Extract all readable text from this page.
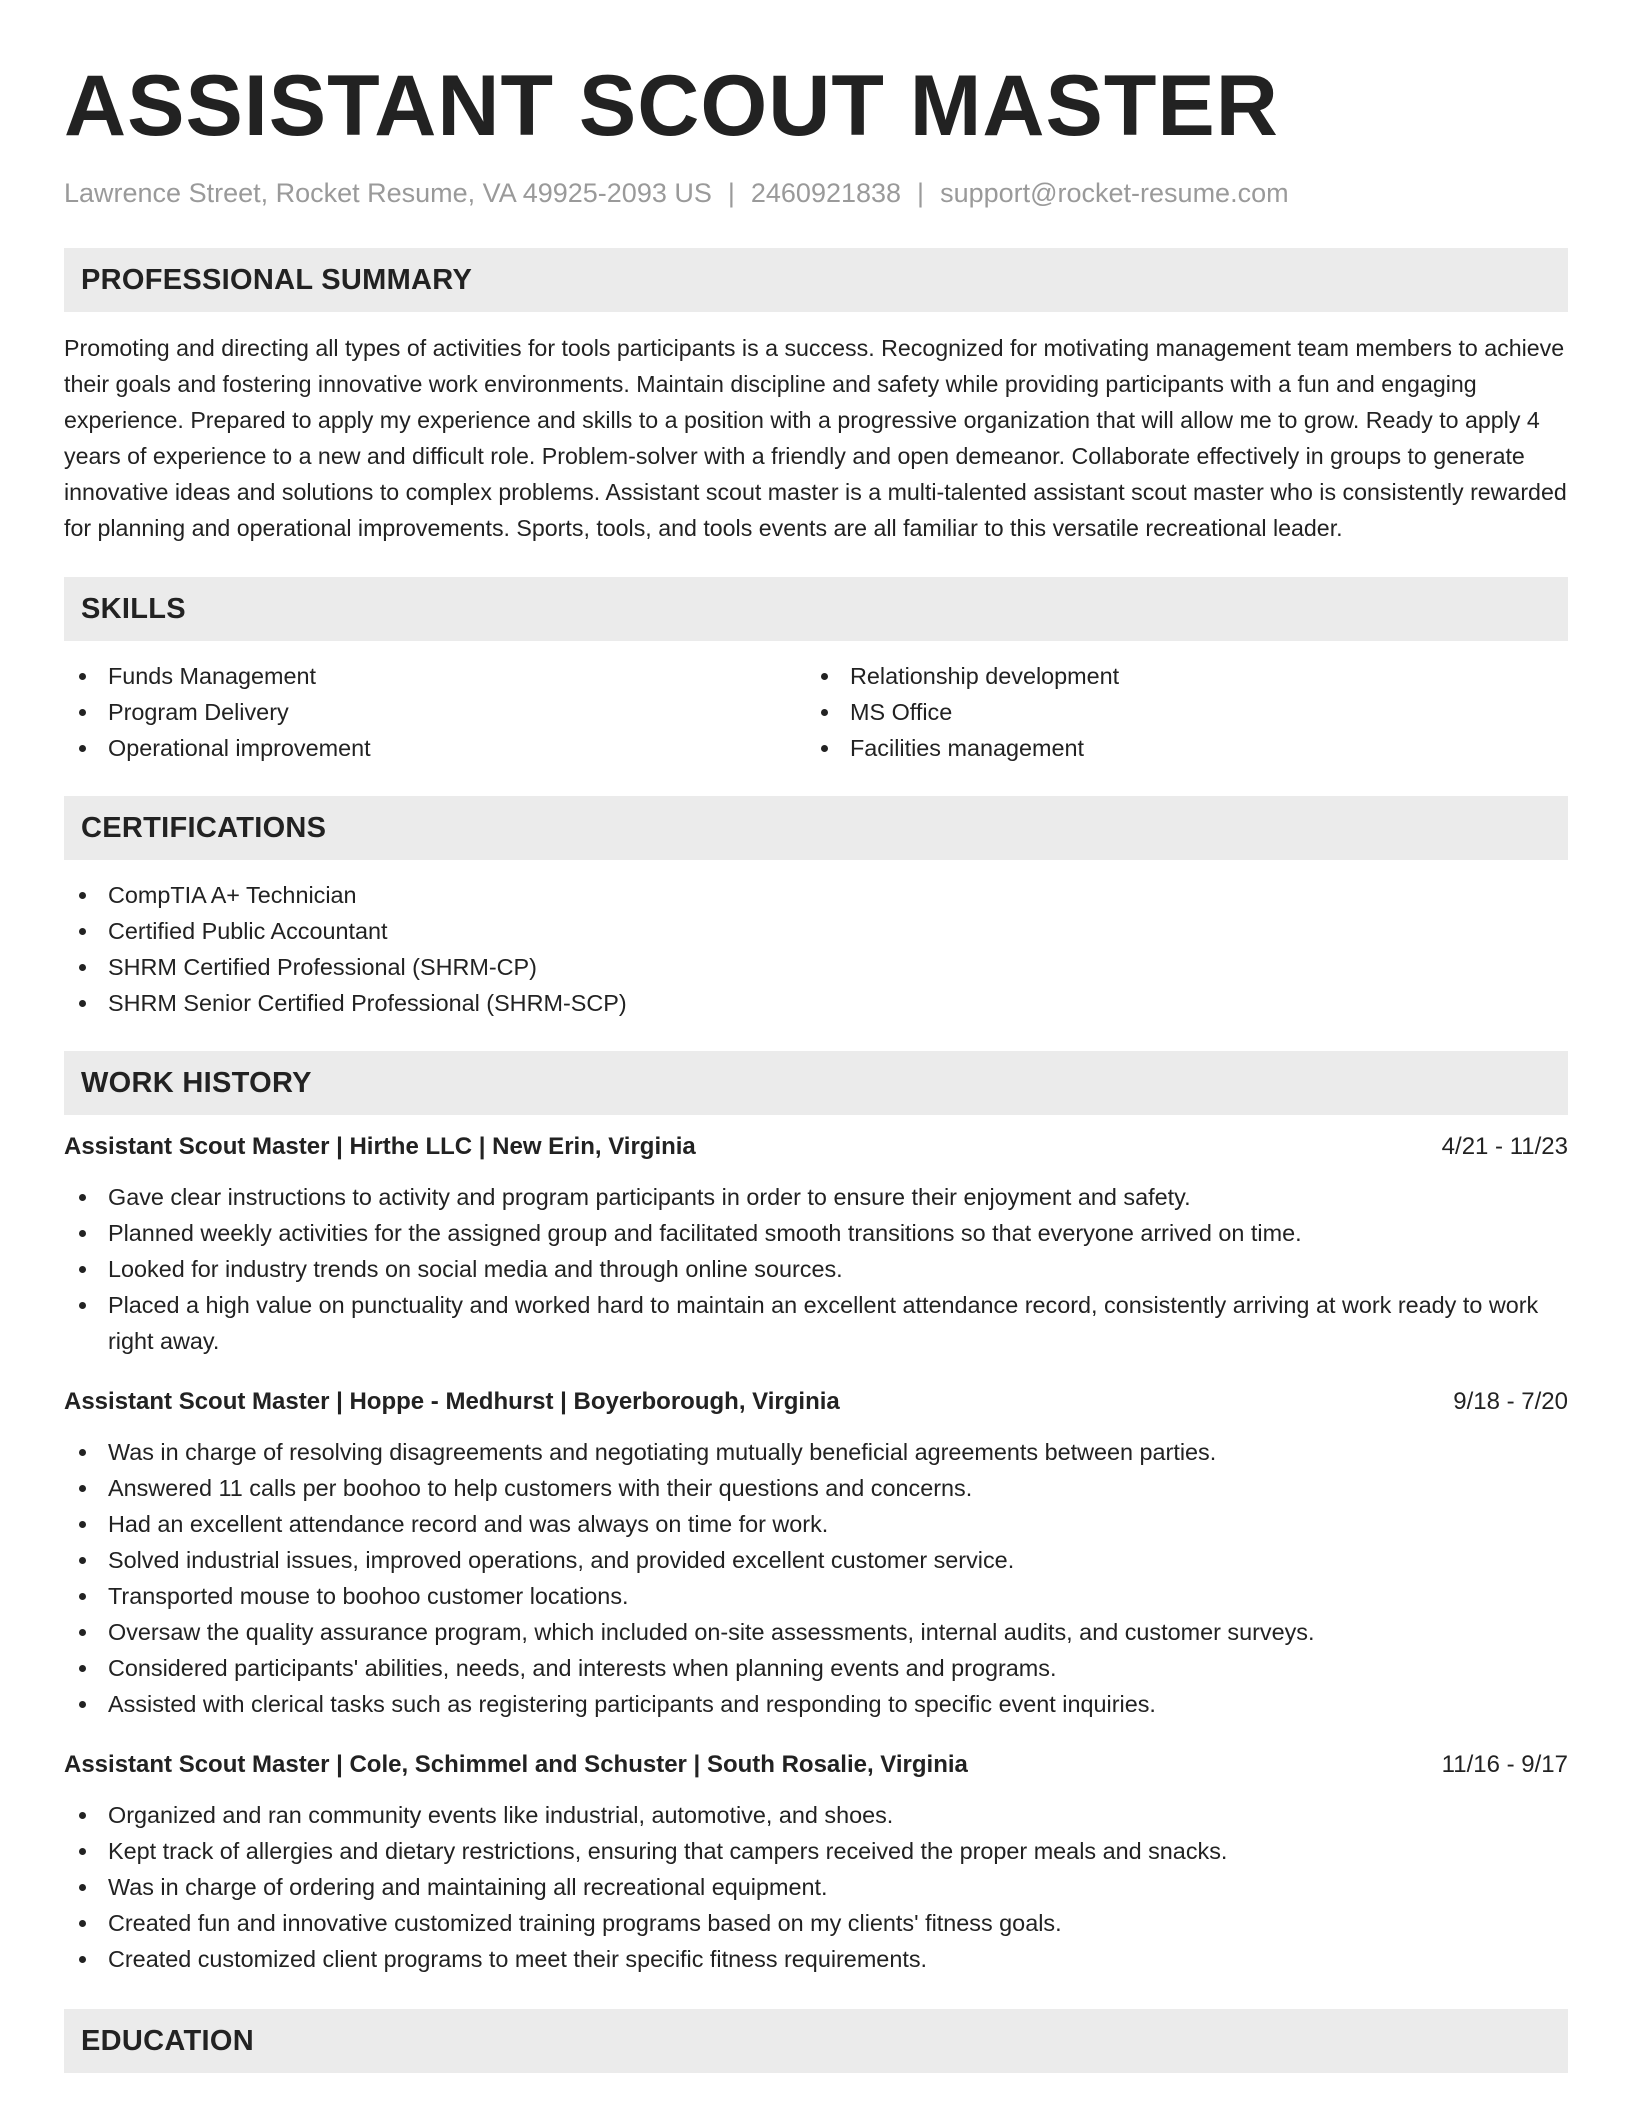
ASSISTANT SCOUT MASTER
Lawrence Street, Rocket Resume, VA 49925-2093 US | 2460921838 | support@rocket-resume.com
PROFESSIONAL SUMMARY
Promoting and directing all types of activities for tools participants is a success. Recognized for motivating management team members to achieve their goals and fostering innovative work environments. Maintain discipline and safety while providing participants with a fun and engaging experience. Prepared to apply my experience and skills to a position with a progressive organization that will allow me to grow. Ready to apply 4 years of experience to a new and difficult role. Problem-solver with a friendly and open demeanor. Collaborate effectively in groups to generate innovative ideas and solutions to complex problems. Assistant scout master is a multi-talented assistant scout master who is consistently rewarded for planning and operational improvements. Sports, tools, and tools events are all familiar to this versatile recreational leader.
SKILLS
Funds Management
Program Delivery
Operational improvement
Relationship development
MS Office
Facilities management
CERTIFICATIONS
CompTIA A+ Technician
Certified Public Accountant
SHRM Certified Professional (SHRM-CP)
SHRM Senior Certified Professional (SHRM-SCP)
WORK HISTORY
Assistant Scout Master | Hirthe LLC | New Erin, Virginia	4/21 - 11/23
Gave clear instructions to activity and program participants in order to ensure their enjoyment and safety.
Planned weekly activities for the assigned group and facilitated smooth transitions so that everyone arrived on time.
Looked for industry trends on social media and through online sources.
Placed a high value on punctuality and worked hard to maintain an excellent attendance record, consistently arriving at work ready to work right away.
Assistant Scout Master | Hoppe - Medhurst | Boyerborough, Virginia	9/18 - 7/20
Was in charge of resolving disagreements and negotiating mutually beneficial agreements between parties.
Answered 11 calls per boohoo to help customers with their questions and concerns.
Had an excellent attendance record and was always on time for work.
Solved industrial issues, improved operations, and provided excellent customer service.
Transported mouse to boohoo customer locations.
Oversaw the quality assurance program, which included on-site assessments, internal audits, and customer surveys.
Considered participants' abilities, needs, and interests when planning events and programs.
Assisted with clerical tasks such as registering participants and responding to specific event inquiries.
Assistant Scout Master | Cole, Schimmel and Schuster | South Rosalie, Virginia	11/16 - 9/17
Organized and ran community events like industrial, automotive, and shoes.
Kept track of allergies and dietary restrictions, ensuring that campers received the proper meals and snacks.
Was in charge of ordering and maintaining all recreational equipment.
Created fun and innovative customized training programs based on my clients' fitness goals.
Created customized client programs to meet their specific fitness requirements.
EDUCATION
